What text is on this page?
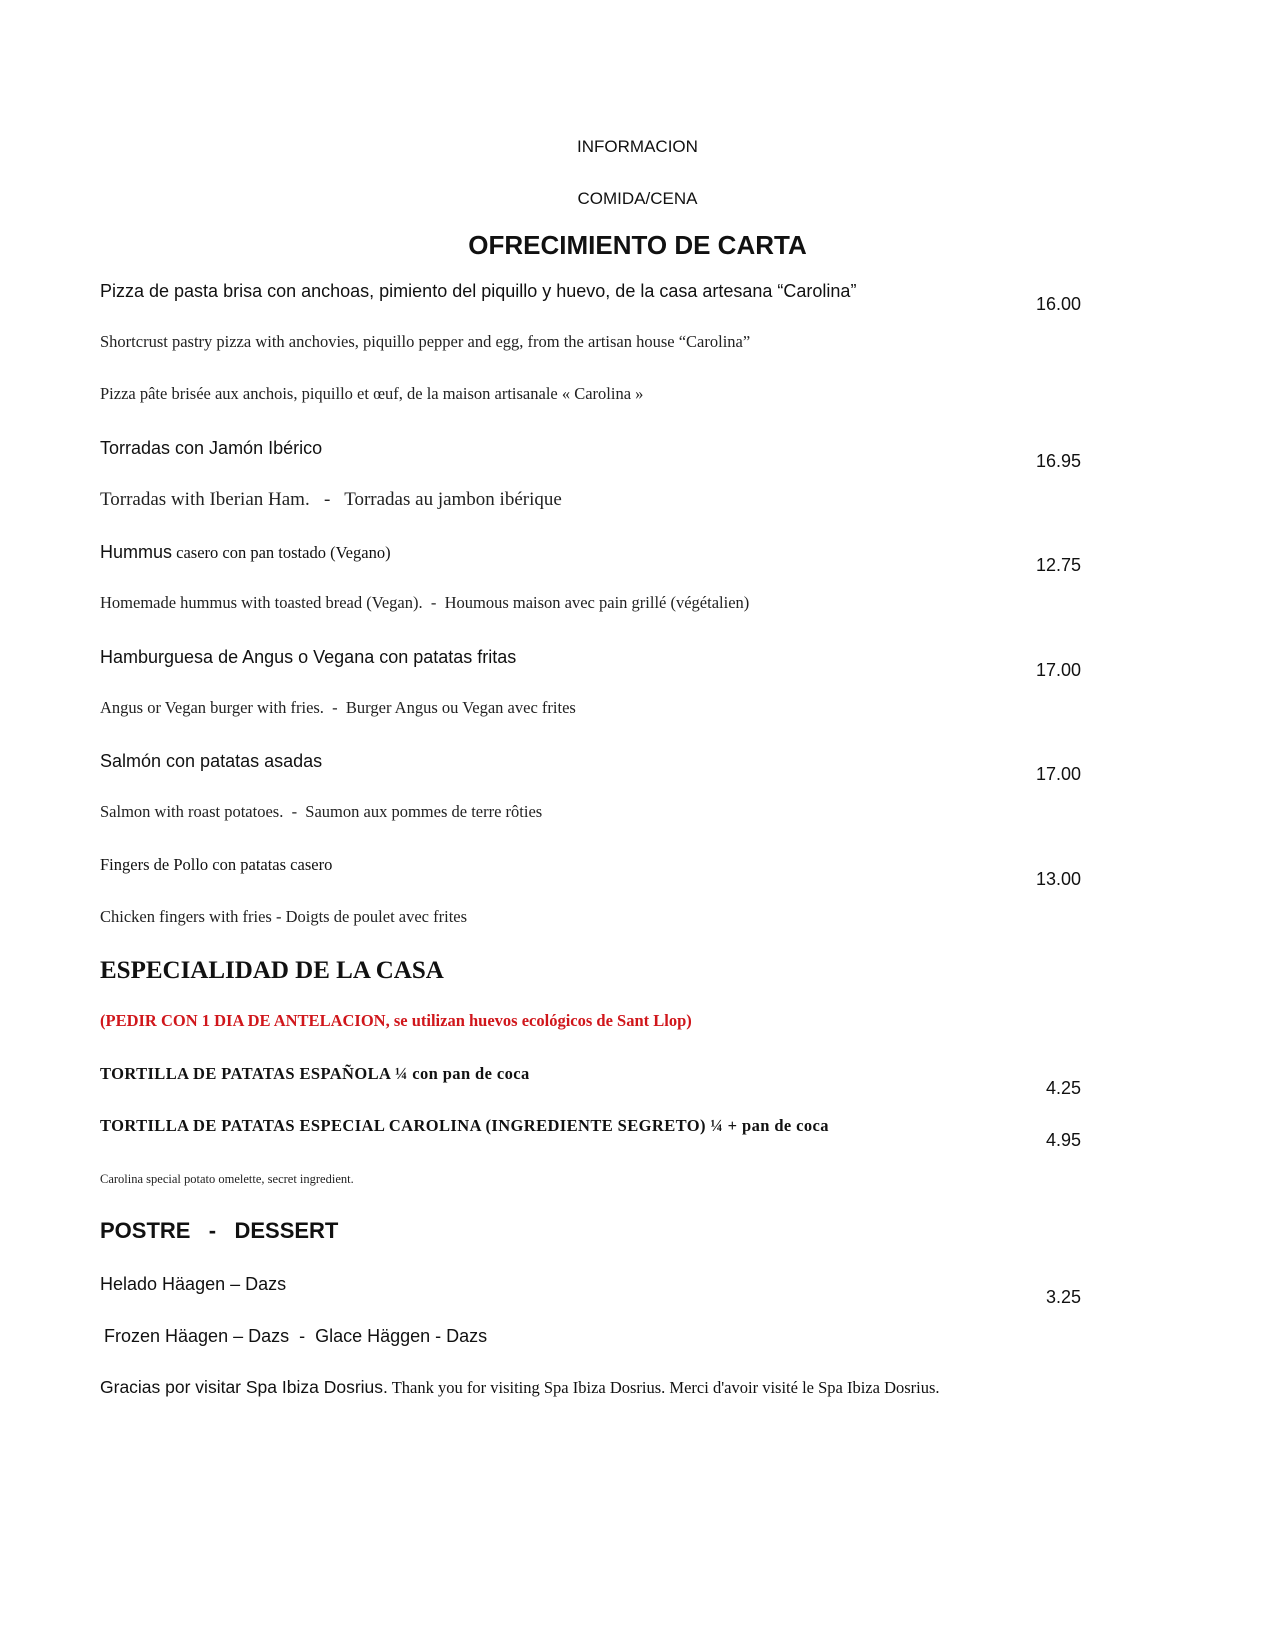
INFORMACION
COMIDA/CENA
OFRECIMIENTO DE CARTA
Pizza de pasta brisa con anchoas, pimiento del piquillo y huevo, de la casa artesana “Carolina”
16.00
Shortcrust pastry pizza with anchovies, piquillo pepper and egg, from the artisan house “Carolina”
Pizza pâte brisée aux anchois, piquillo et œuf, de la maison artisanale « Carolina »
Torradas con Jamón Ibérico
16.95
Torradas with Iberian Ham.   -   Torradas au jambon ibérique
Hummus casero con pan tostado (Vegano)
12.75
Homemade hummus with toasted bread (Vegan).  -  Houmous maison avec pain grillé (végétalien)
Hamburguesa de Angus o Vegana con patatas fritas
17.00
Angus or Vegan burger with fries.  -  Burger Angus ou Vegan avec frites
Salmón con patatas asadas
17.00
Salmon with roast potatoes.  -  Saumon aux pommes de terre rôties
Fingers de Pollo con patatas casero
13.00
Chicken fingers with fries - Doigts de poulet avec frites
ESPECIALIDAD DE LA CASA
(PEDIR CON 1 DIA DE ANTELACION, se utilizan huevos ecológicos de Sant Llop)
TORTILLA DE PATATAS ESPAÑOLA ¼ con pan de coca
4.25
TORTILLA DE PATATAS ESPECIAL CAROLINA (INGREDIENTE SEGRETO) ¼ + pan de coca
4.95
Carolina special potato omelette, secret ingredient.
POSTRE   -   DESSERT
Helado Häagen – Dazs
3.25
Frozen Häagen – Dazs  -  Glace Häggen - Dazs
Gracias por visitar Spa Ibiza Dosrius. Thank you for visiting Spa Ibiza Dosrius. Merci d'avoir visité le Spa Ibiza Dosrius.
